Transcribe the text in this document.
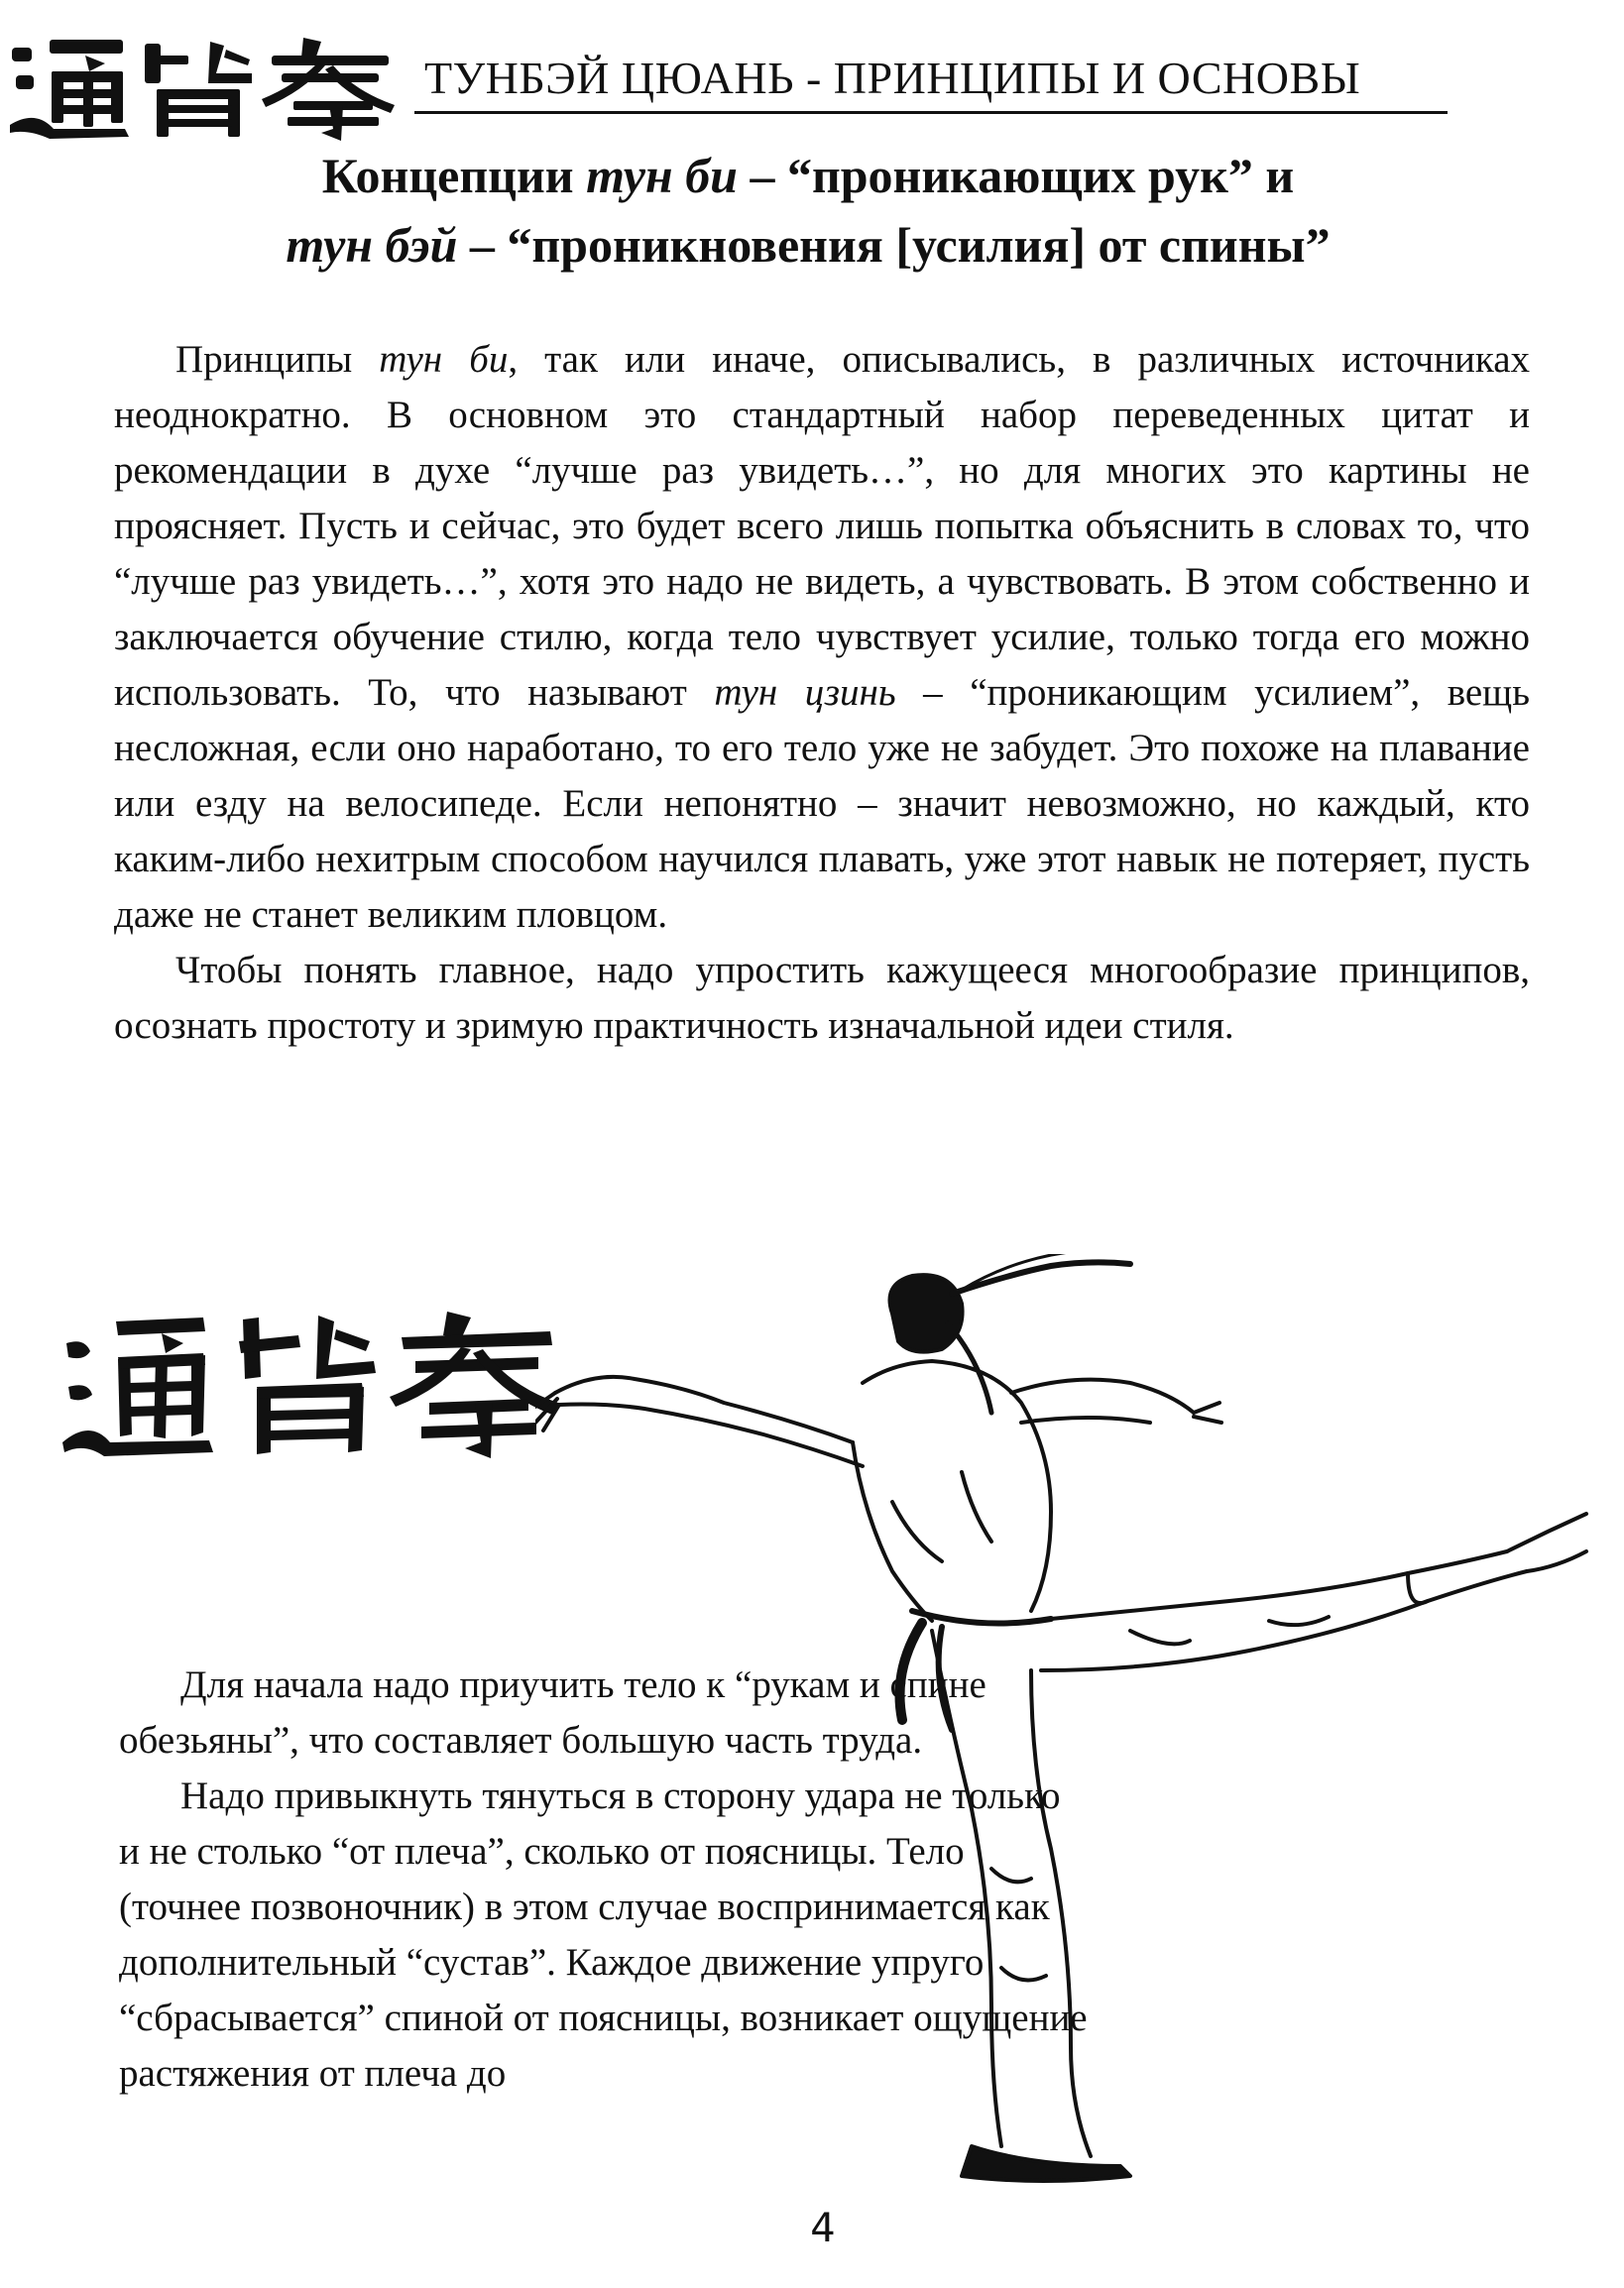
ТУНБЭЙ ЦЮАНЬ - ПРИНЦИПЫ И ОСНОВЫ
Концепции тун би – “проникающих рук” и
тун бэй – “проникновения [усилия] от спины”

Принципы тун би, так или иначе, описывались, в различных источниках неоднократно. В основном это стандартный набор переведенных цитат и рекомендации в духе “лучше раз увидеть…”, но для многих это картины не проясняет. Пусть и сейчас, это будет всего лишь попытка объяснить в словах то, что “лучше раз увидеть…”, хотя это надо не видеть, а чувствовать. В этом собственно и заключается обучение стилю, когда тело чувствует усилие, только тогда его можно использовать. То, что называют тун цзинь – “проникающим усилием”, вещь несложная, если оно наработано, то его тело уже не забудет. Это похоже на плавание или езду на велосипеде. Если непонятно – значит невозможно, но каждый, кто каким-либо нехитрым способом научился плавать, уже этот навык не потеряет, пусть даже не станет великим пловцом.

Чтобы понять главное, надо упростить кажущееся многообразие принципов, осознать простоту и зримую практичность изначальной идеи стиля.

Для начала надо приучить тело к “рукам и спине обезьяны”, что составляет большую часть труда.

Надо привыкнуть тянуться в сторону удара не только и не столько “от плеча”, сколько от поясницы. Тело (точнее позвоночник) в этом случае воспринимается как дополнительный “сустав”. Каждое движение упруго “сбрасывается” спиной от поясницы, возникает ощущение растяжения от плеча до

4
